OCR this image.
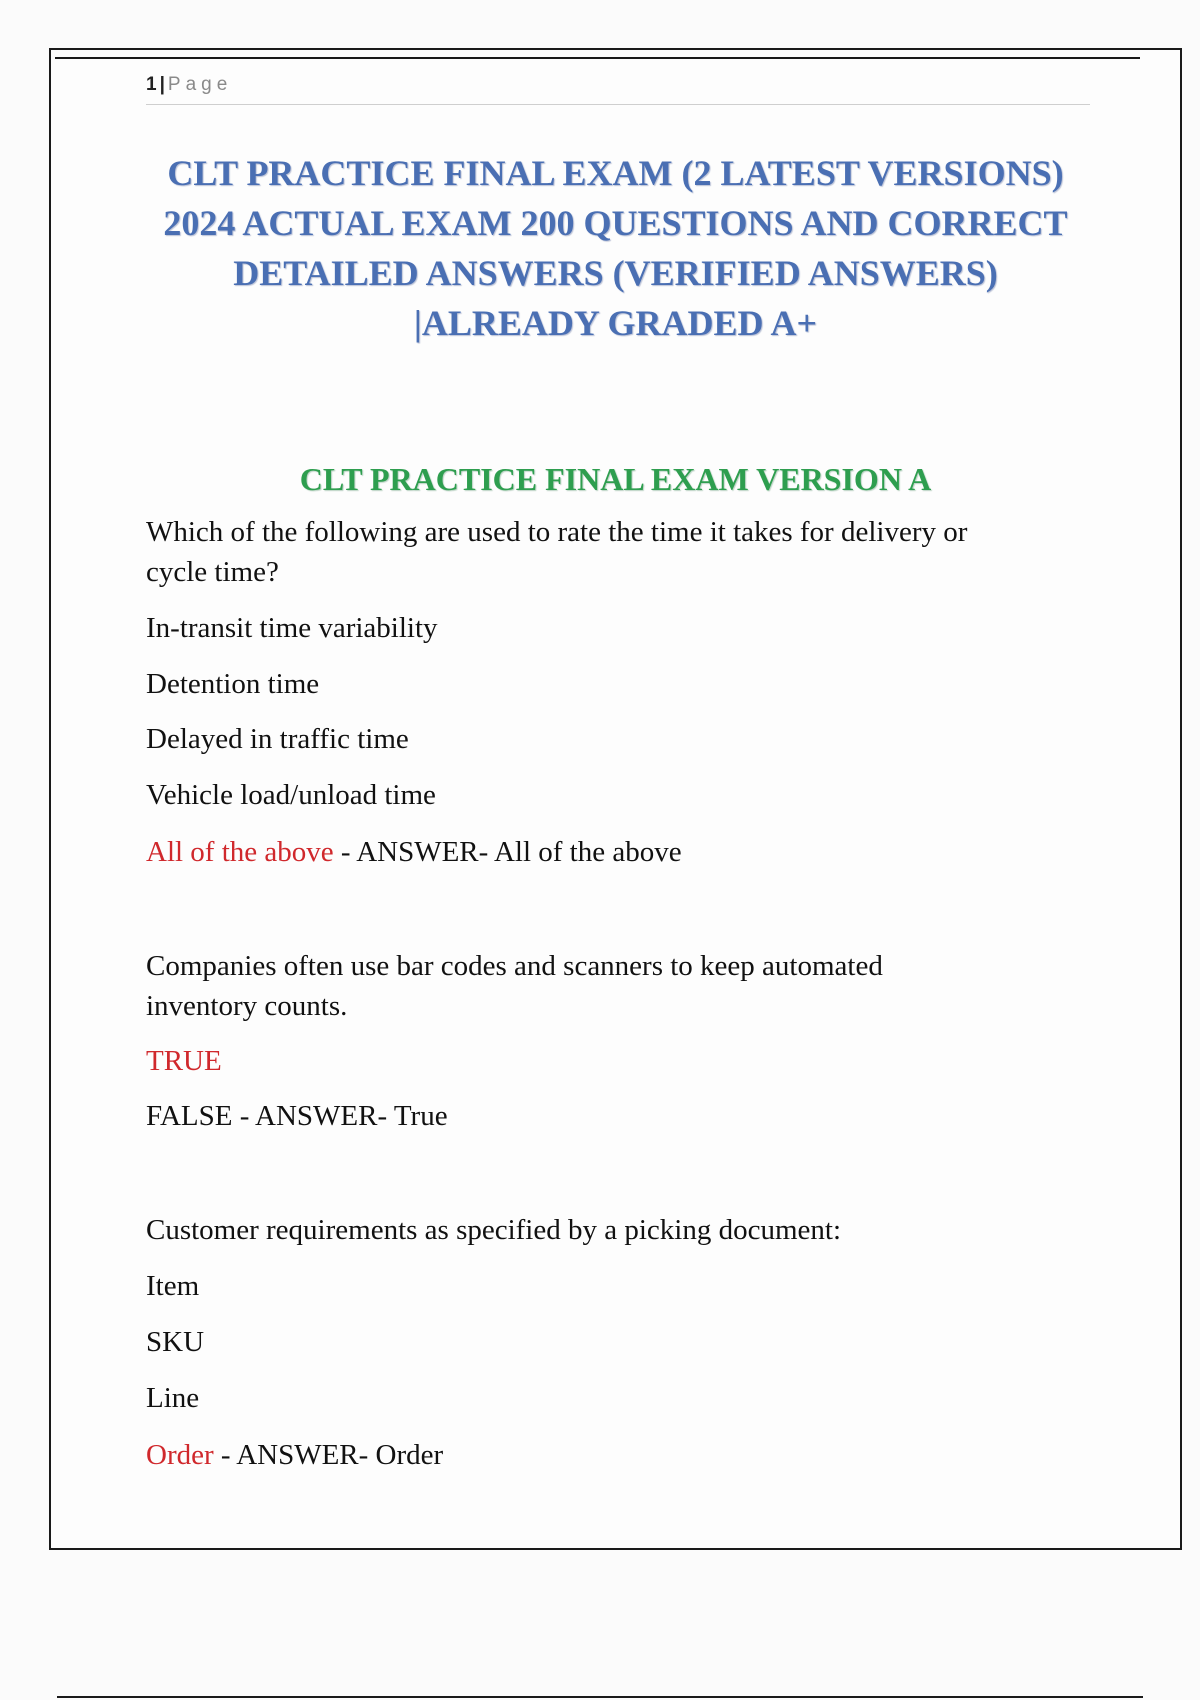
1 | Page
CLT PRACTICE FINAL EXAM (2 LATEST VERSIONS)
2024 ACTUAL EXAM 200 QUESTIONS AND CORRECT
DETAILED ANSWERS (VERIFIED ANSWERS)
|ALREADY GRADED A+
CLT PRACTICE FINAL EXAM VERSION A

Which of the following are used to rate the time it takes for delivery or

cycle time?

In-transit time variability

Detention time

Delayed in traffic time

Vehicle load/unload time

All of the above - ANSWER- All of the above

Companies often use bar codes and scanners to keep automated

inventory counts.

TRUE

FALSE - ANSWER- True

Customer requirements as specified by a picking document:

Item

SKU

Line

Order - ANSWER- Order
